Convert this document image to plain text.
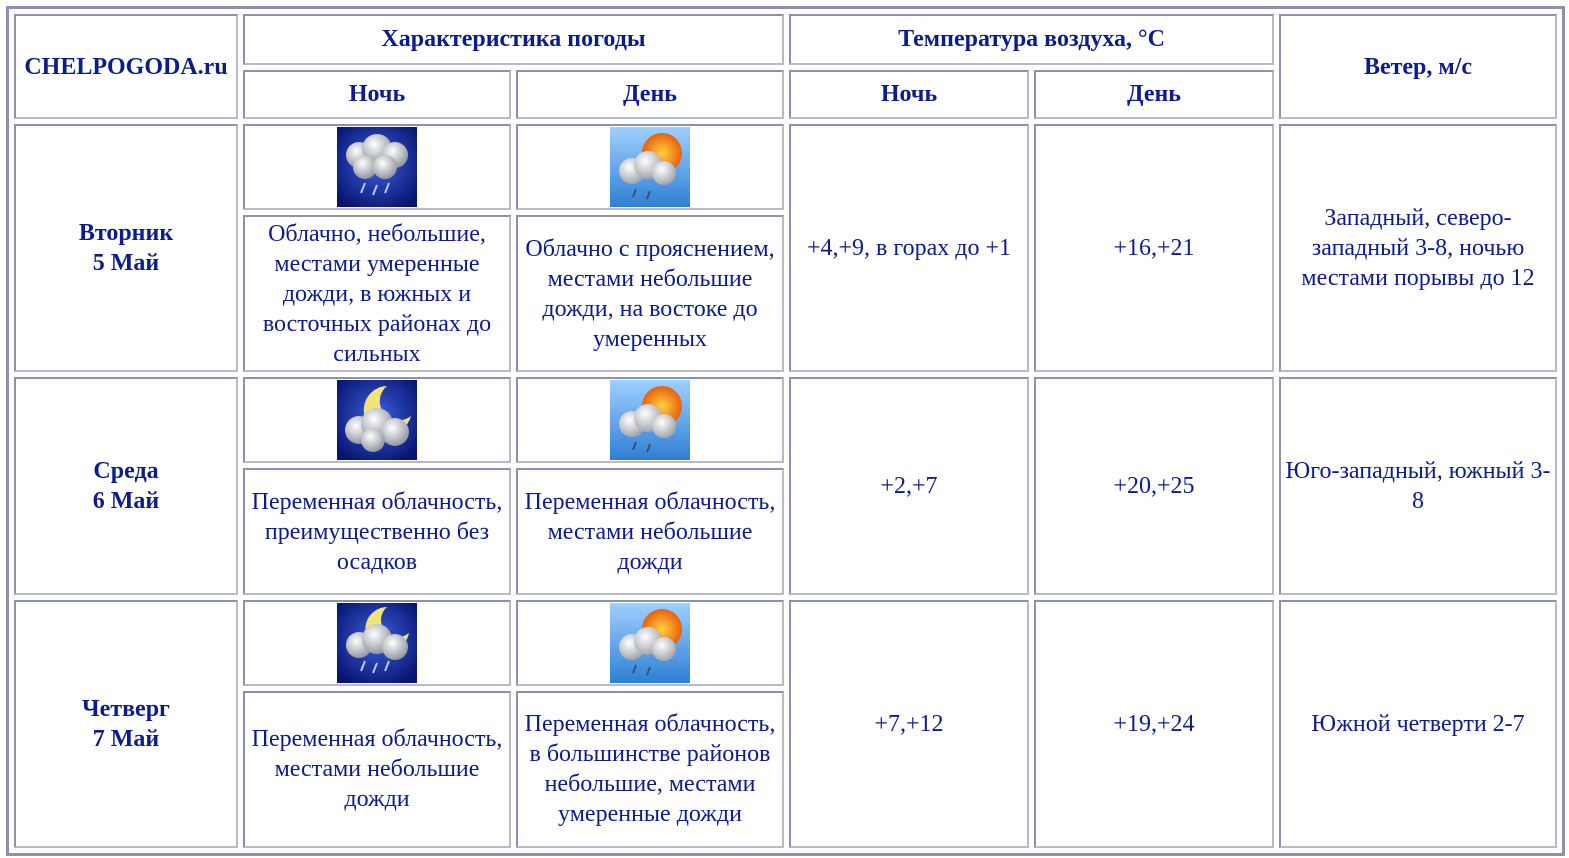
CHELPOGODA.ru	Характеристика погоды		Температура воздуха, °С		Ветер, м/с
	Ночь	День	Ночь	День	
Вторник
5 Май			+4,+9, в горах до +1	+16,+21	Западный, северо-западный 3-8, ночью местами порывы до 12
	Облачно, небольшие, местами умеренные дожди, в южных и восточных районах до сильных	Облачно с прояснением, местами небольшие дожди, на востоке до умеренных			
Среда
6 Май			+2,+7	+20,+25	Юго-западный, южный 3-8
	Переменная облачность, преимущественно без осадков	Переменная облачность, местами небольшие дожди			
Четверг
7 Май			+7,+12	+19,+24	Южной четверти 2-7
	Переменная облачность, местами небольшие дожди	Переменная облачность, в большинстве районов небольшие, местами умеренные дожди			
